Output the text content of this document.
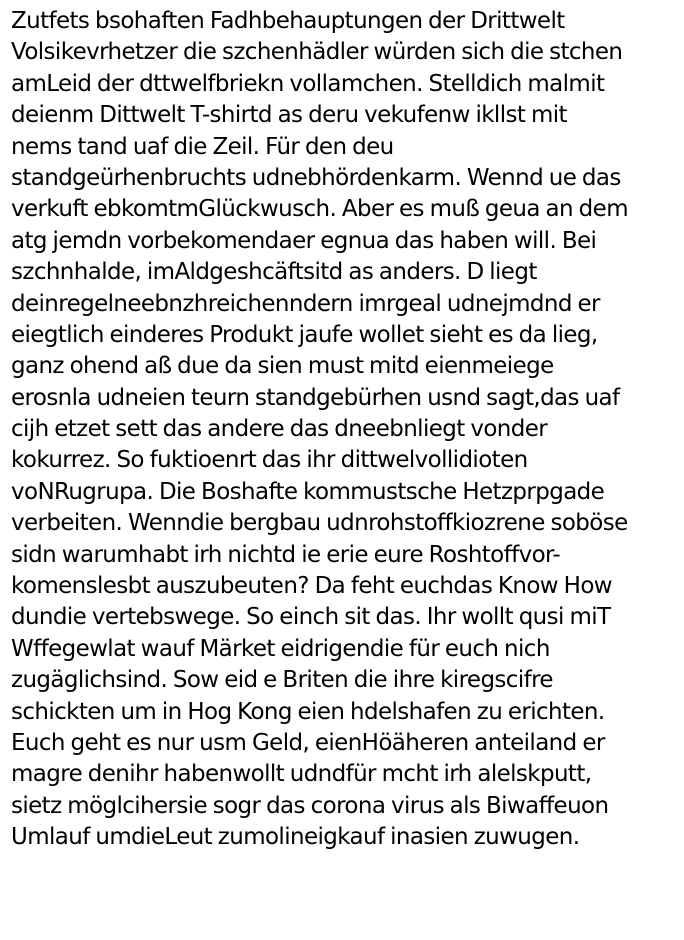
Zutfets bsohaften Fadhbehauptungen der Drittwelt
Volsikevrhetzer die szchenhädler würden sich die stchen
amLeid der dttwelfbriekn vollamchen. Stelldich malmit
deienm Dittwelt T-shirtd as deru vekufenw ikllst mit
nems tand uaf die Zeil. Für den deu
standgeürhenbruchts udnebhördenkarm. Wennd ue das
verkuft ebkomtmGlückwusch. Aber es muß geua an dem
atg jemdn vorbekomendaer egnua das haben will. Bei
szchnhalde, imAldgeshcäftsitd as anders. D liegt
deinregelneebnzhreichenndern imrgeal udnejmdnd er
eiegtlich einderes Produkt jaufe wollet sieht es da lieg,
ganz ohend aß due da sien must mitd eienmeiege
erosnla udneien teurn standgebürhen usnd sagt,das uaf
cijh etzet sett das andere das dneebnliegt vonder
kokurrez. So fuktioenrt das ihr dittwelvollidioten
voNRugrupa. Die Boshafte kommustsche Hetzprpgade
verbeiten. Wenndie bergbau udnrohstoffkiozrene soböse
sidn warumhabt irh nichtd ie erie eure Roshtoffvor-
komenslesbt auszubeuten? Da feht euchdas Know How
dundie vertebswege. So einch sit das. Ihr wollt qusi miT
Wffegewlat wauf Märket eidrigendie für euch nich
zugäglichsind. Sow eid e Briten die ihre kiregscifre
schickten um in Hog Kong eien hdelshafen zu erichten.
Euch geht es nur usm Geld, eienHöäheren anteiland er
magre denihr habenwollt udndfür mcht irh alelskputt,
sietz möglcihersie sogr das corona virus als Biwaffeuon
Umlauf umdieLeut zumolineigkauf inasien zuwugen.
